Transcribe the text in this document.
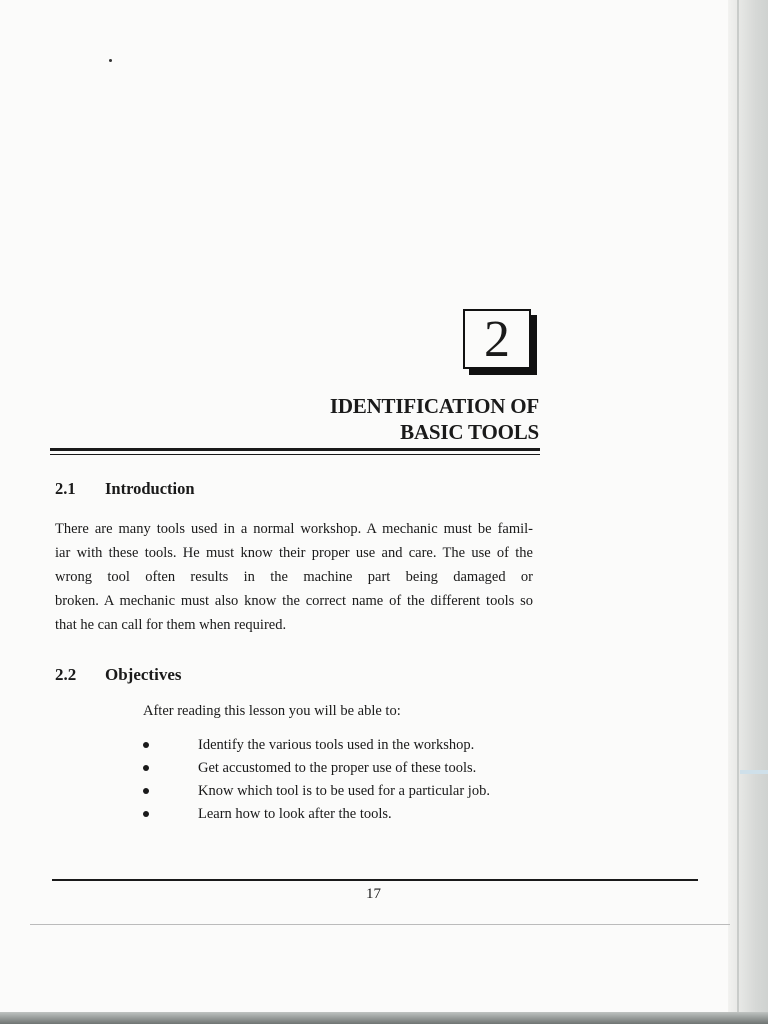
2
IDENTIFICATION OF
BASIC TOOLS
2.1 Introduction
There are many tools used in a normal workshop. A mechanic must be famil-
iar with these tools. He must know their proper use and care. The use of the
wrong tool often results in the machine part being damaged or
broken. A mechanic must also know the correct name of the different tools so
that he can call for them when required.
2.2 Objectives
After reading this lesson you will be able to:
Identify the various tools used in the workshop.
Get accustomed to the proper use of these tools.
Know which tool is to be used for a particular job.
Learn how to look after the tools.
17
